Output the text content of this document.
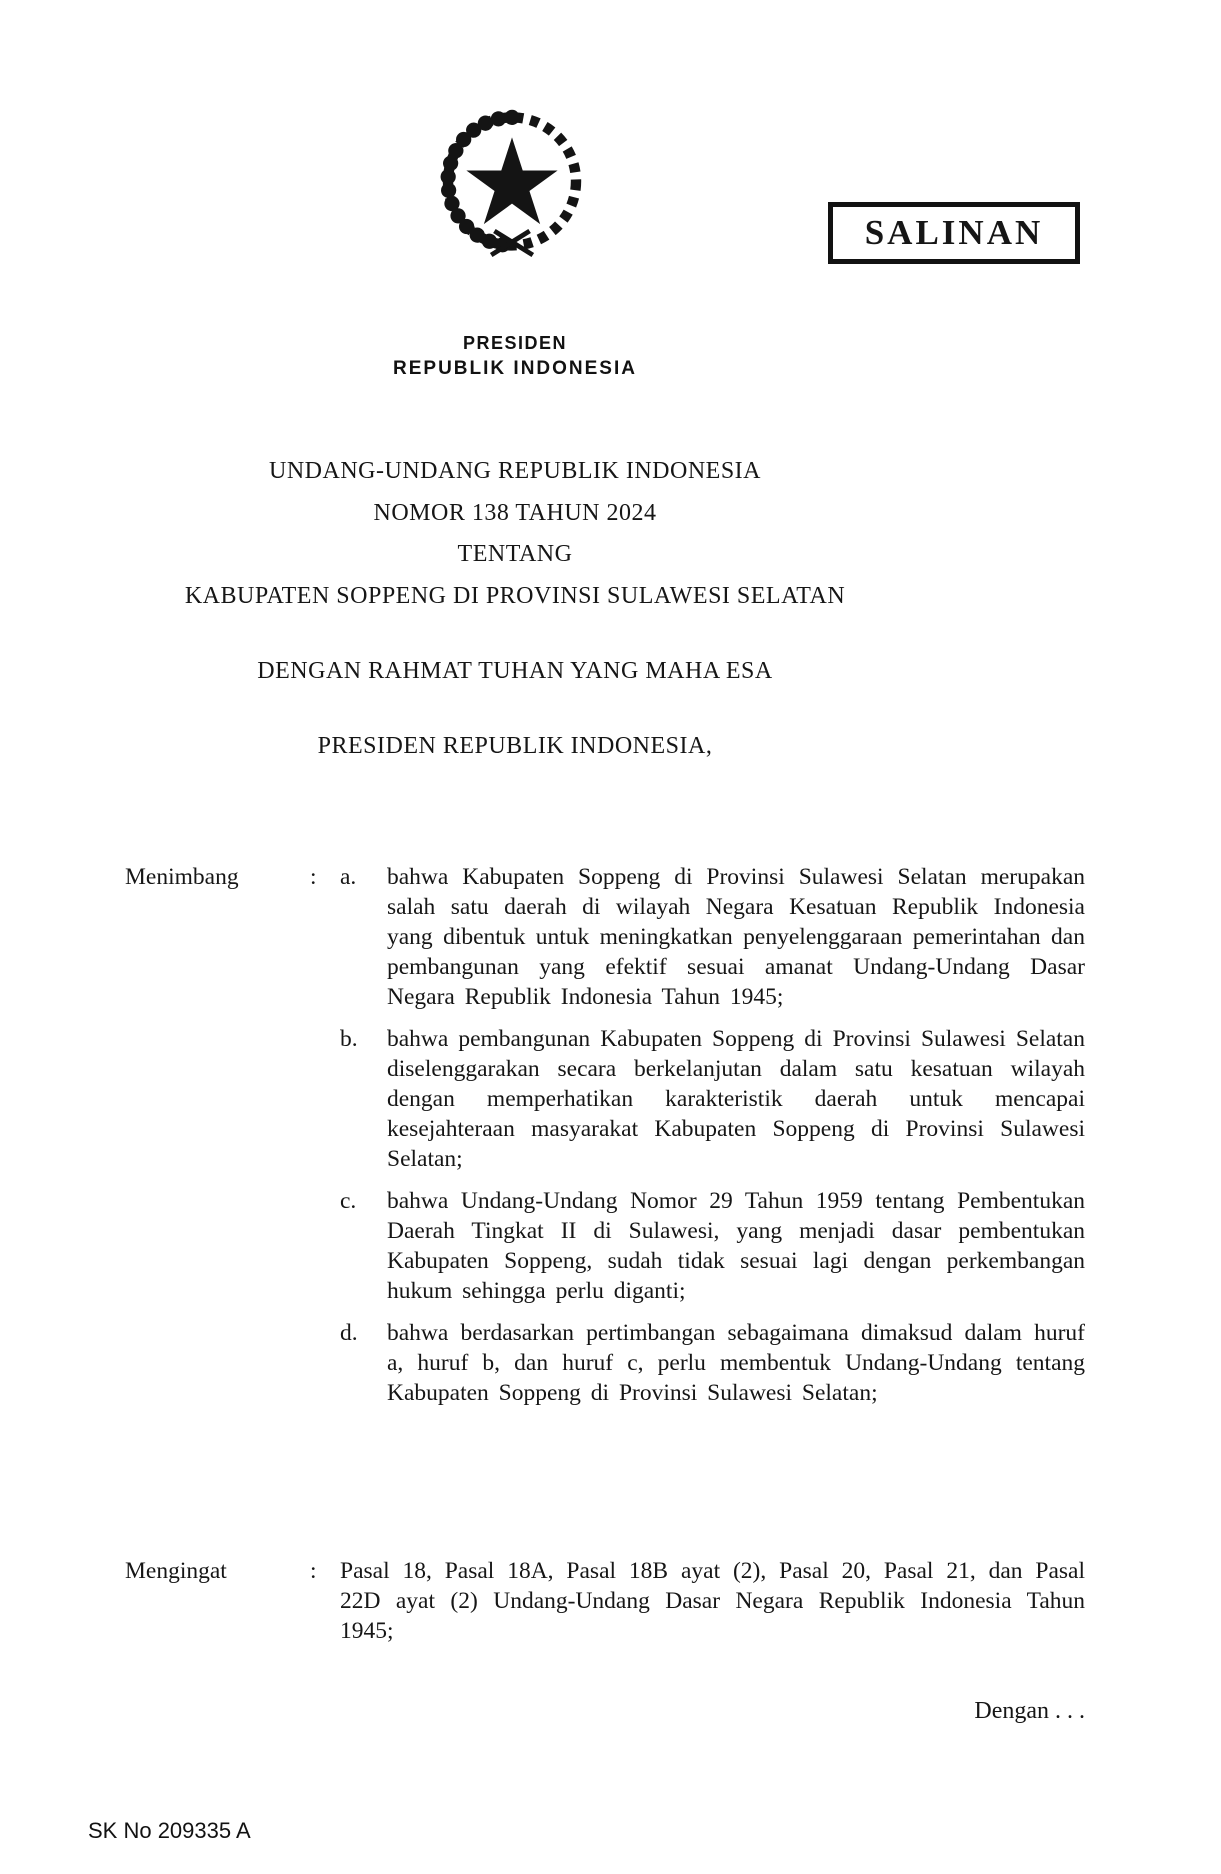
SALINAN
PRESIDEN
REPUBLIK INDONESIA
UNDANG-UNDANG REPUBLIK INDONESIA
NOMOR 138 TAHUN 2024
TENTANG
KABUPATEN SOPPENG DI PROVINSI SULAWESI SELATAN
DENGAN RAHMAT TUHAN YANG MAHA ESA
PRESIDEN REPUBLIK INDONESIA,
Menimbang	: a.	bahwa Kabupaten Soppeng di Provinsi Sulawesi Selatan merupakan salah satu daerah di wilayah Negara Kesatuan Republik Indonesia yang dibentuk untuk meningkatkan penyelenggaraan pemerintahan dan pembangunan yang efektif sesuai amanat Undang-Undang Dasar Negara Republik Indonesia Tahun 1945;
b.	bahwa pembangunan Kabupaten Soppeng di Provinsi Sulawesi Selatan diselenggarakan secara berkelanjutan dalam satu kesatuan wilayah dengan memperhatikan karakteristik daerah untuk mencapai kesejahteraan masyarakat Kabupaten Soppeng di Provinsi Sulawesi Selatan;
c.	bahwa Undang-Undang Nomor 29 Tahun 1959 tentang Pembentukan Daerah Tingkat II di Sulawesi, yang menjadi dasar pembentukan Kabupaten Soppeng, sudah tidak sesuai lagi dengan perkembangan hukum sehingga perlu diganti;
d.	bahwa berdasarkan pertimbangan sebagaimana dimaksud dalam huruf a, huruf b, dan huruf c, perlu membentuk Undang-Undang tentang Kabupaten Soppeng di Provinsi Sulawesi Selatan;
Mengingat	: Pasal 18, Pasal 18A, Pasal 18B ayat (2), Pasal 20, Pasal 21, dan Pasal 22D ayat (2) Undang-Undang Dasar Negara Republik Indonesia Tahun 1945;
Dengan . . .
SK No 209335 A
